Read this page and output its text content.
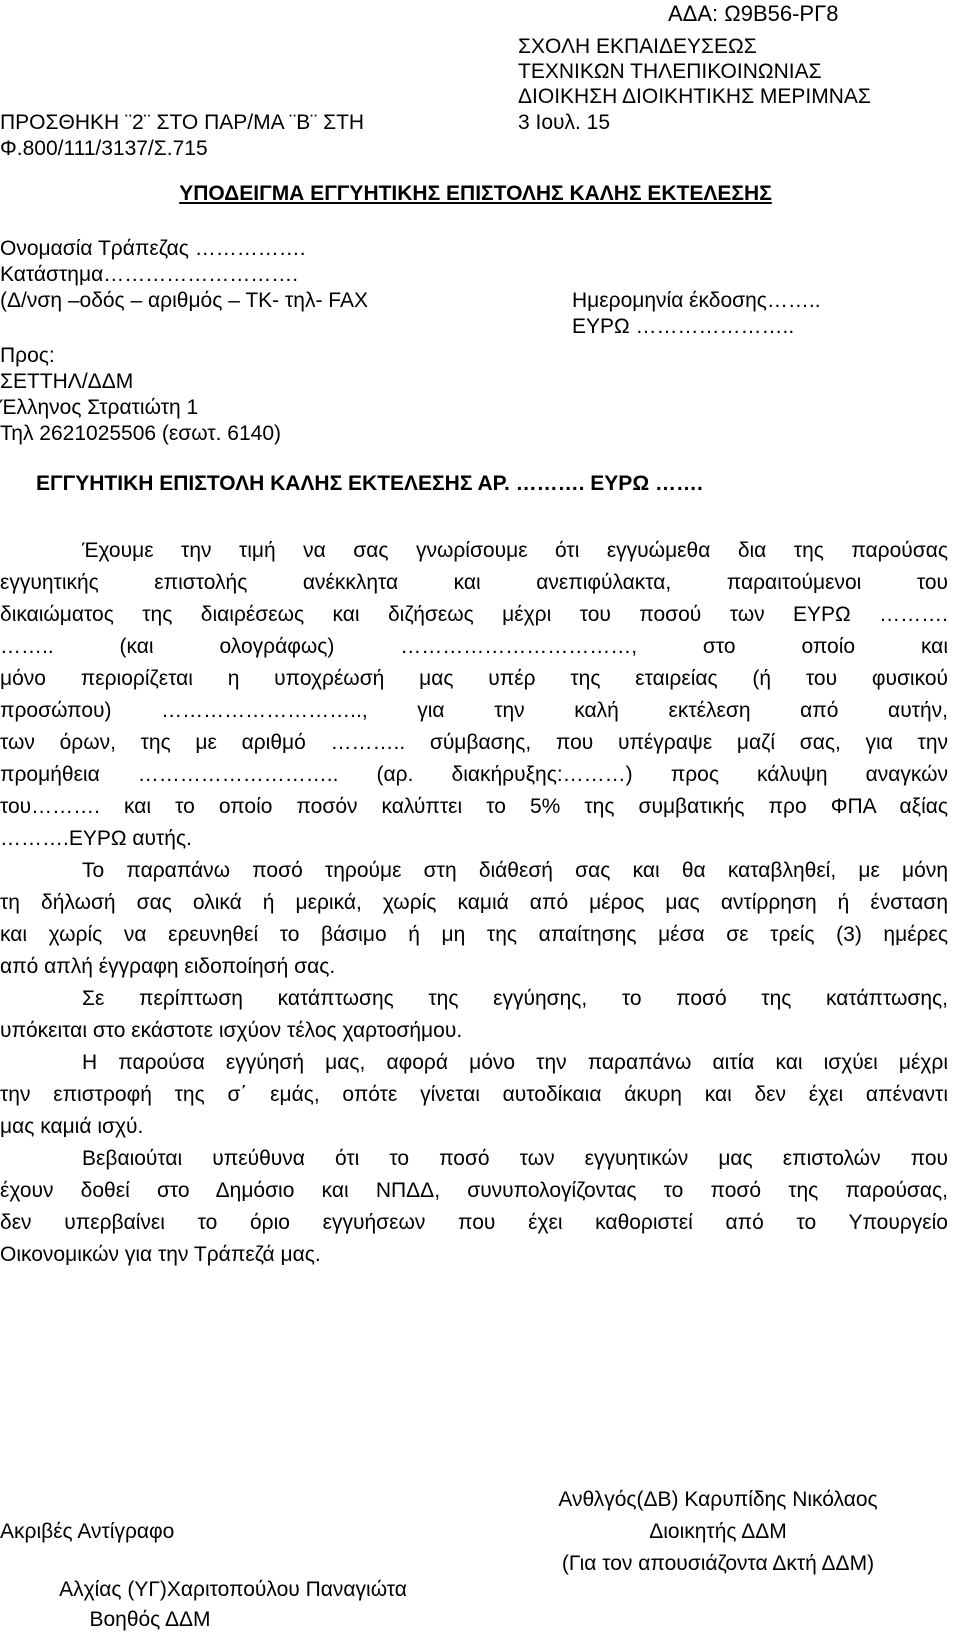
ΑΔΑ: Ω9Β56-ΡΓ8
ΣΧΟΛΗ ΕΚΠΑΙΔΕΥΣΕΩΣ
ΤΕΧΝΙΚΩΝ ΤΗΛΕΠΙΚΟΙΝΩΝΙΑΣ
ΔΙΟΙΚΗΣΗ ΔΙΟΙΚΗΤΙΚΗΣ ΜΕΡΙΜΝΑΣ
3 Ιουλ. 15
ΠΡΟΣΘΗΚΗ ¨2¨ ΣΤΟ ΠΑΡ/ΜΑ ¨Β¨ ΣΤΗ
Φ.800/111/3137/Σ.715
ΥΠΟΔΕΙΓΜΑ ΕΓΓΥΗΤΙΚΗΣ ΕΠΙΣΤΟΛΗΣ ΚΑΛΗΣ ΕΚΤΕΛΕΣΗΣ
Ονομασία Τράπεζας …………….
Κατάστημα……………………….
(Δ/νση –οδός – αριθμός – ΤΚ- τηλ- FAX	Ημερομηνία έκδοσης……..
ΕΥΡΩ …………………..
Προς:
ΣΕΤΤΗΛ/ΔΔΜ
Έλληνος Στρατιώτη 1
Τηλ 2621025506 (εσωτ. 6140)
ΕΓΓΥΗΤΙΚΗ ΕΠΙΣΤΟΛΗ ΚΑΛΗΣ ΕΚΤΕΛΕΣΗΣ ΑΡ. ………. ΕΥΡΩ …….
Έχουμε την τιμή να σας γνωρίσουμε ότι εγγυώμεθα δια της παρούσας
εγγυητικής επιστολής ανέκκλητα και ανεπιφύλακτα, παραιτούμενοι του
δικαιώματος της διαιρέσεως και διζήσεως μέχρι του ποσού των ΕΥΡΩ ……….
…….. (και ολογράφως) ……………………………, στο οποίο και
μόνο περιορίζεται η υποχρέωσή μας υπέρ της εταιρείας (ή του φυσικού
προσώπου) ……………………….., για την καλή εκτέλεση από αυτήν,
των όρων, της με αριθμό ……….. σύμβασης, που υπέγραψε μαζί σας, για την
προμήθεια ……………………….. (αρ. διακήρυξης:………) προς κάλυψη αναγκών
του………. και το οποίο ποσόν καλύπτει το 5% της συμβατικής προ ΦΠΑ αξίας
……….ΕΥΡΩ αυτής.
Το παραπάνω ποσό τηρούμε στη διάθεσή σας και θα καταβληθεί, με μόνη
τη δήλωσή σας ολικά ή μερικά, χωρίς καμιά από μέρος μας αντίρρηση ή ένσταση
και χωρίς να ερευνηθεί το βάσιμο ή μη της απαίτησης μέσα σε τρείς (3) ημέρες
από απλή έγγραφη ειδοποίησή σας.
Σε περίπτωση κατάπτωσης της εγγύησης, το ποσό της κατάπτωσης,
υπόκειται στο εκάστοτε ισχύον τέλος χαρτοσήμου.
Η παρούσα εγγύησή μας, αφορά μόνο την παραπάνω αιτία και ισχύει μέχρι
την επιστροφή της σ΄ εμάς, οπότε γίνεται αυτοδίκαια άκυρη και δεν έχει απέναντι
μας καμιά ισχύ.
Βεβαιούται υπεύθυνα ότι το ποσό των εγγυητικών μας επιστολών που
έχουν δοθεί στο Δημόσιο και ΝΠΔΔ, συνυπολογίζοντας το ποσό της παρούσας,
δεν υπερβαίνει το όριο εγγυήσεων που έχει καθοριστεί από το Υπουργείο
Οικονομικών για την Τράπεζά μας.
Ανθλγός(ΔΒ) Καρυπίδης Νικόλαος
Διοικητής ΔΔΜ
(Για τον απουσιάζοντα Δκτή ΔΔΜ)
Ακριβές Αντίγραφο
Αλχίας (ΥΓ)Χαριτοπούλου Παναγιώτα
Βοηθός ΔΔΜ
